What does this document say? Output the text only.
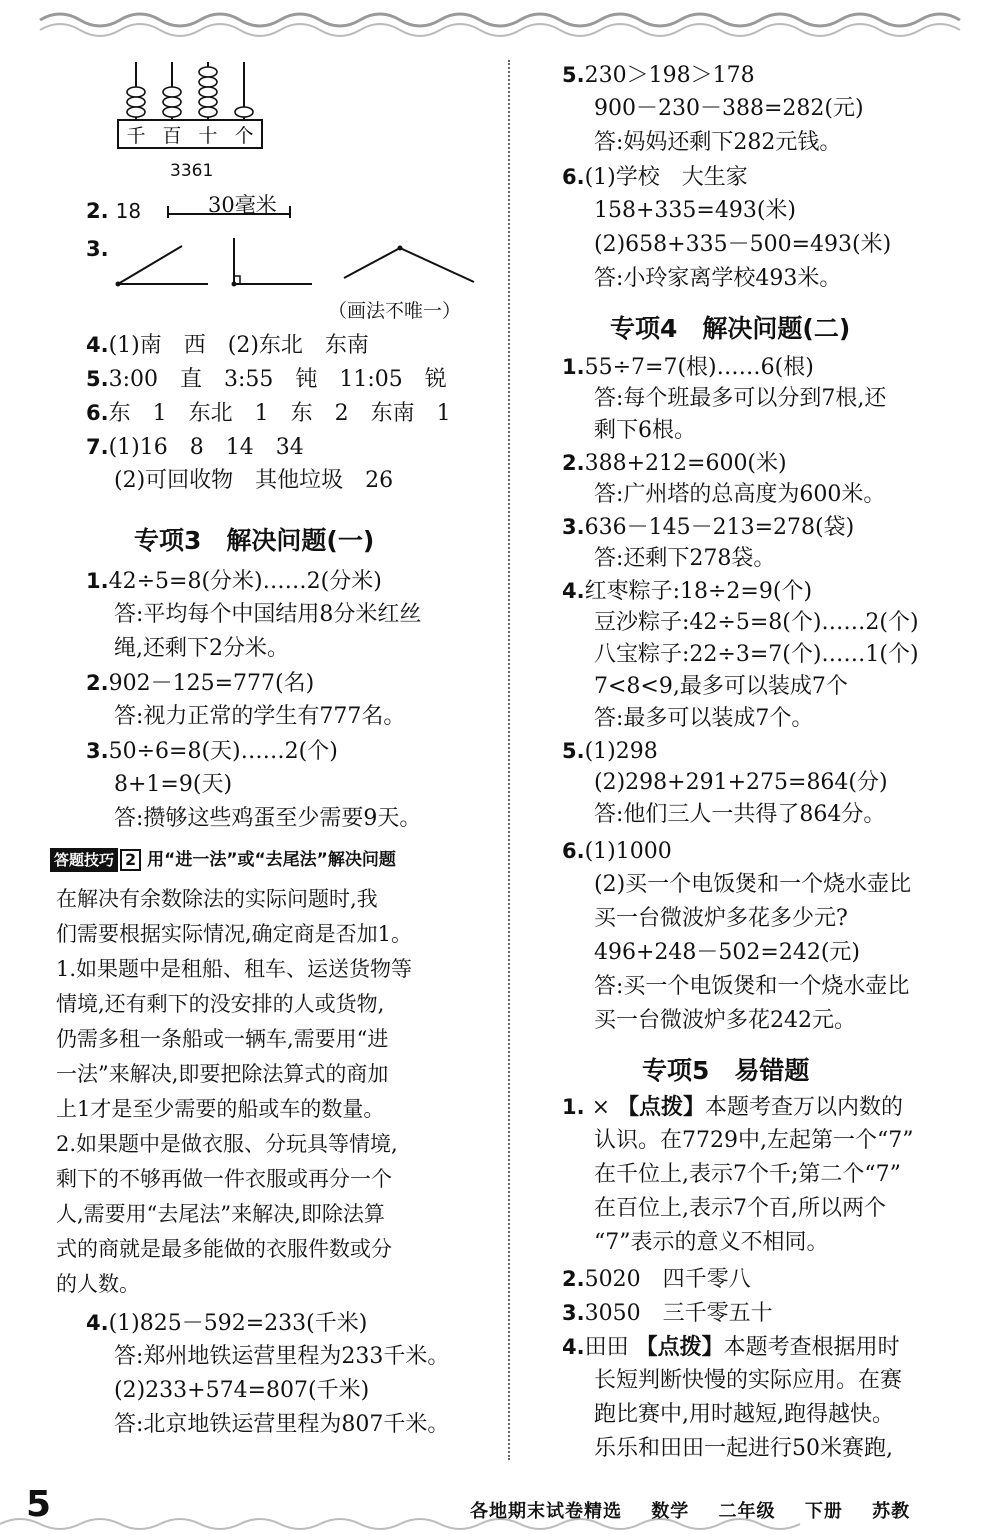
千 百 十 个
3361
2. 18	30毫米
3.
（画法不唯一）
4.(1)南　西　(2)东北　东南
5.3:00　直　3:55　钝　11:05　锐
6.东　1　东北　1　东　2　东南　1
7.(1)16　8　14　34
(2)可回收物　其他垃圾　26
专项3　解决问题(一)
1.42÷5=8(分米)……2(分米)
答:平均每个中国结用8分米红丝
绳,还剩下2分米。
2.902－125=777(名)
答:视力正常的学生有777名。
3.50÷6=8(天)……2(个)
8+1=9(天)
答:攒够这些鸡蛋至少需要9天。
答题技巧 2 用“进一法”或“去尾法”解决问题
在解决有余数除法的实际问题时,我
们需要根据实际情况,确定商是否加1。
1.如果题中是租船、租车、运送货物等
情境,还有剩下的没安排的人或货物,
仍需多租一条船或一辆车,需要用“进
一法”来解决,即要把除法算式的商加
上1才是至少需要的船或车的数量。
2.如果题中是做衣服、分玩具等情境,
剩下的不够再做一件衣服或再分一个
人,需要用“去尾法”来解决,即除法算
式的商就是最多能做的衣服件数或分
的人数。
4.(1)825－592=233(千米)
答:郑州地铁运营里程为233千米。
(2)233+574=807(千米)
答:北京地铁运营里程为807千米。
5.230＞198＞178
900－230－388=282(元)
答:妈妈还剩下282元钱。
6.(1)学校　大生家
158+335=493(米)
(2)658+335－500=493(米)
答:小玲家离学校493米。
专项4　解决问题(二)
1.55÷7=7(根)……6(根)
答:每个班最多可以分到7根,还
剩下6根。
2.388+212=600(米)
答:广州塔的总高度为600米。
3.636－145－213=278(袋)
答:还剩下278袋。
4.红枣粽子:18÷2=9(个)
豆沙粽子:42÷5=8(个)……2(个)
八宝粽子:22÷3=7(个)……1(个)
7<8<9,最多可以装成7个
答:最多可以装成7个。
5.(1)298
(2)298+291+275=864(分)
答:他们三人一共得了864分。
6.(1)1000
(2)买一个电饭煲和一个烧水壶比
买一台微波炉多花多少元?
496+248－502=242(元)
答:买一个电饭煲和一个烧水壶比
买一台微波炉多花242元。
专项5　易错题
1. × 【点拨】本题考查万以内数的
认识。在7729中,左起第一个“7”
在千位上,表示7个千;第二个“7”
在百位上,表示7个百,所以两个
“7”表示的意义不相同。
2.5020　四千零八
3.3050　三千零五十
4.田田 【点拨】本题考查根据用时
长短判断快慢的实际应用。在赛
跑比赛中,用时越短,跑得越快。
乐乐和田田一起进行50米赛跑,
5	各地期末试卷精选 数学 二年级 下册 苏教
